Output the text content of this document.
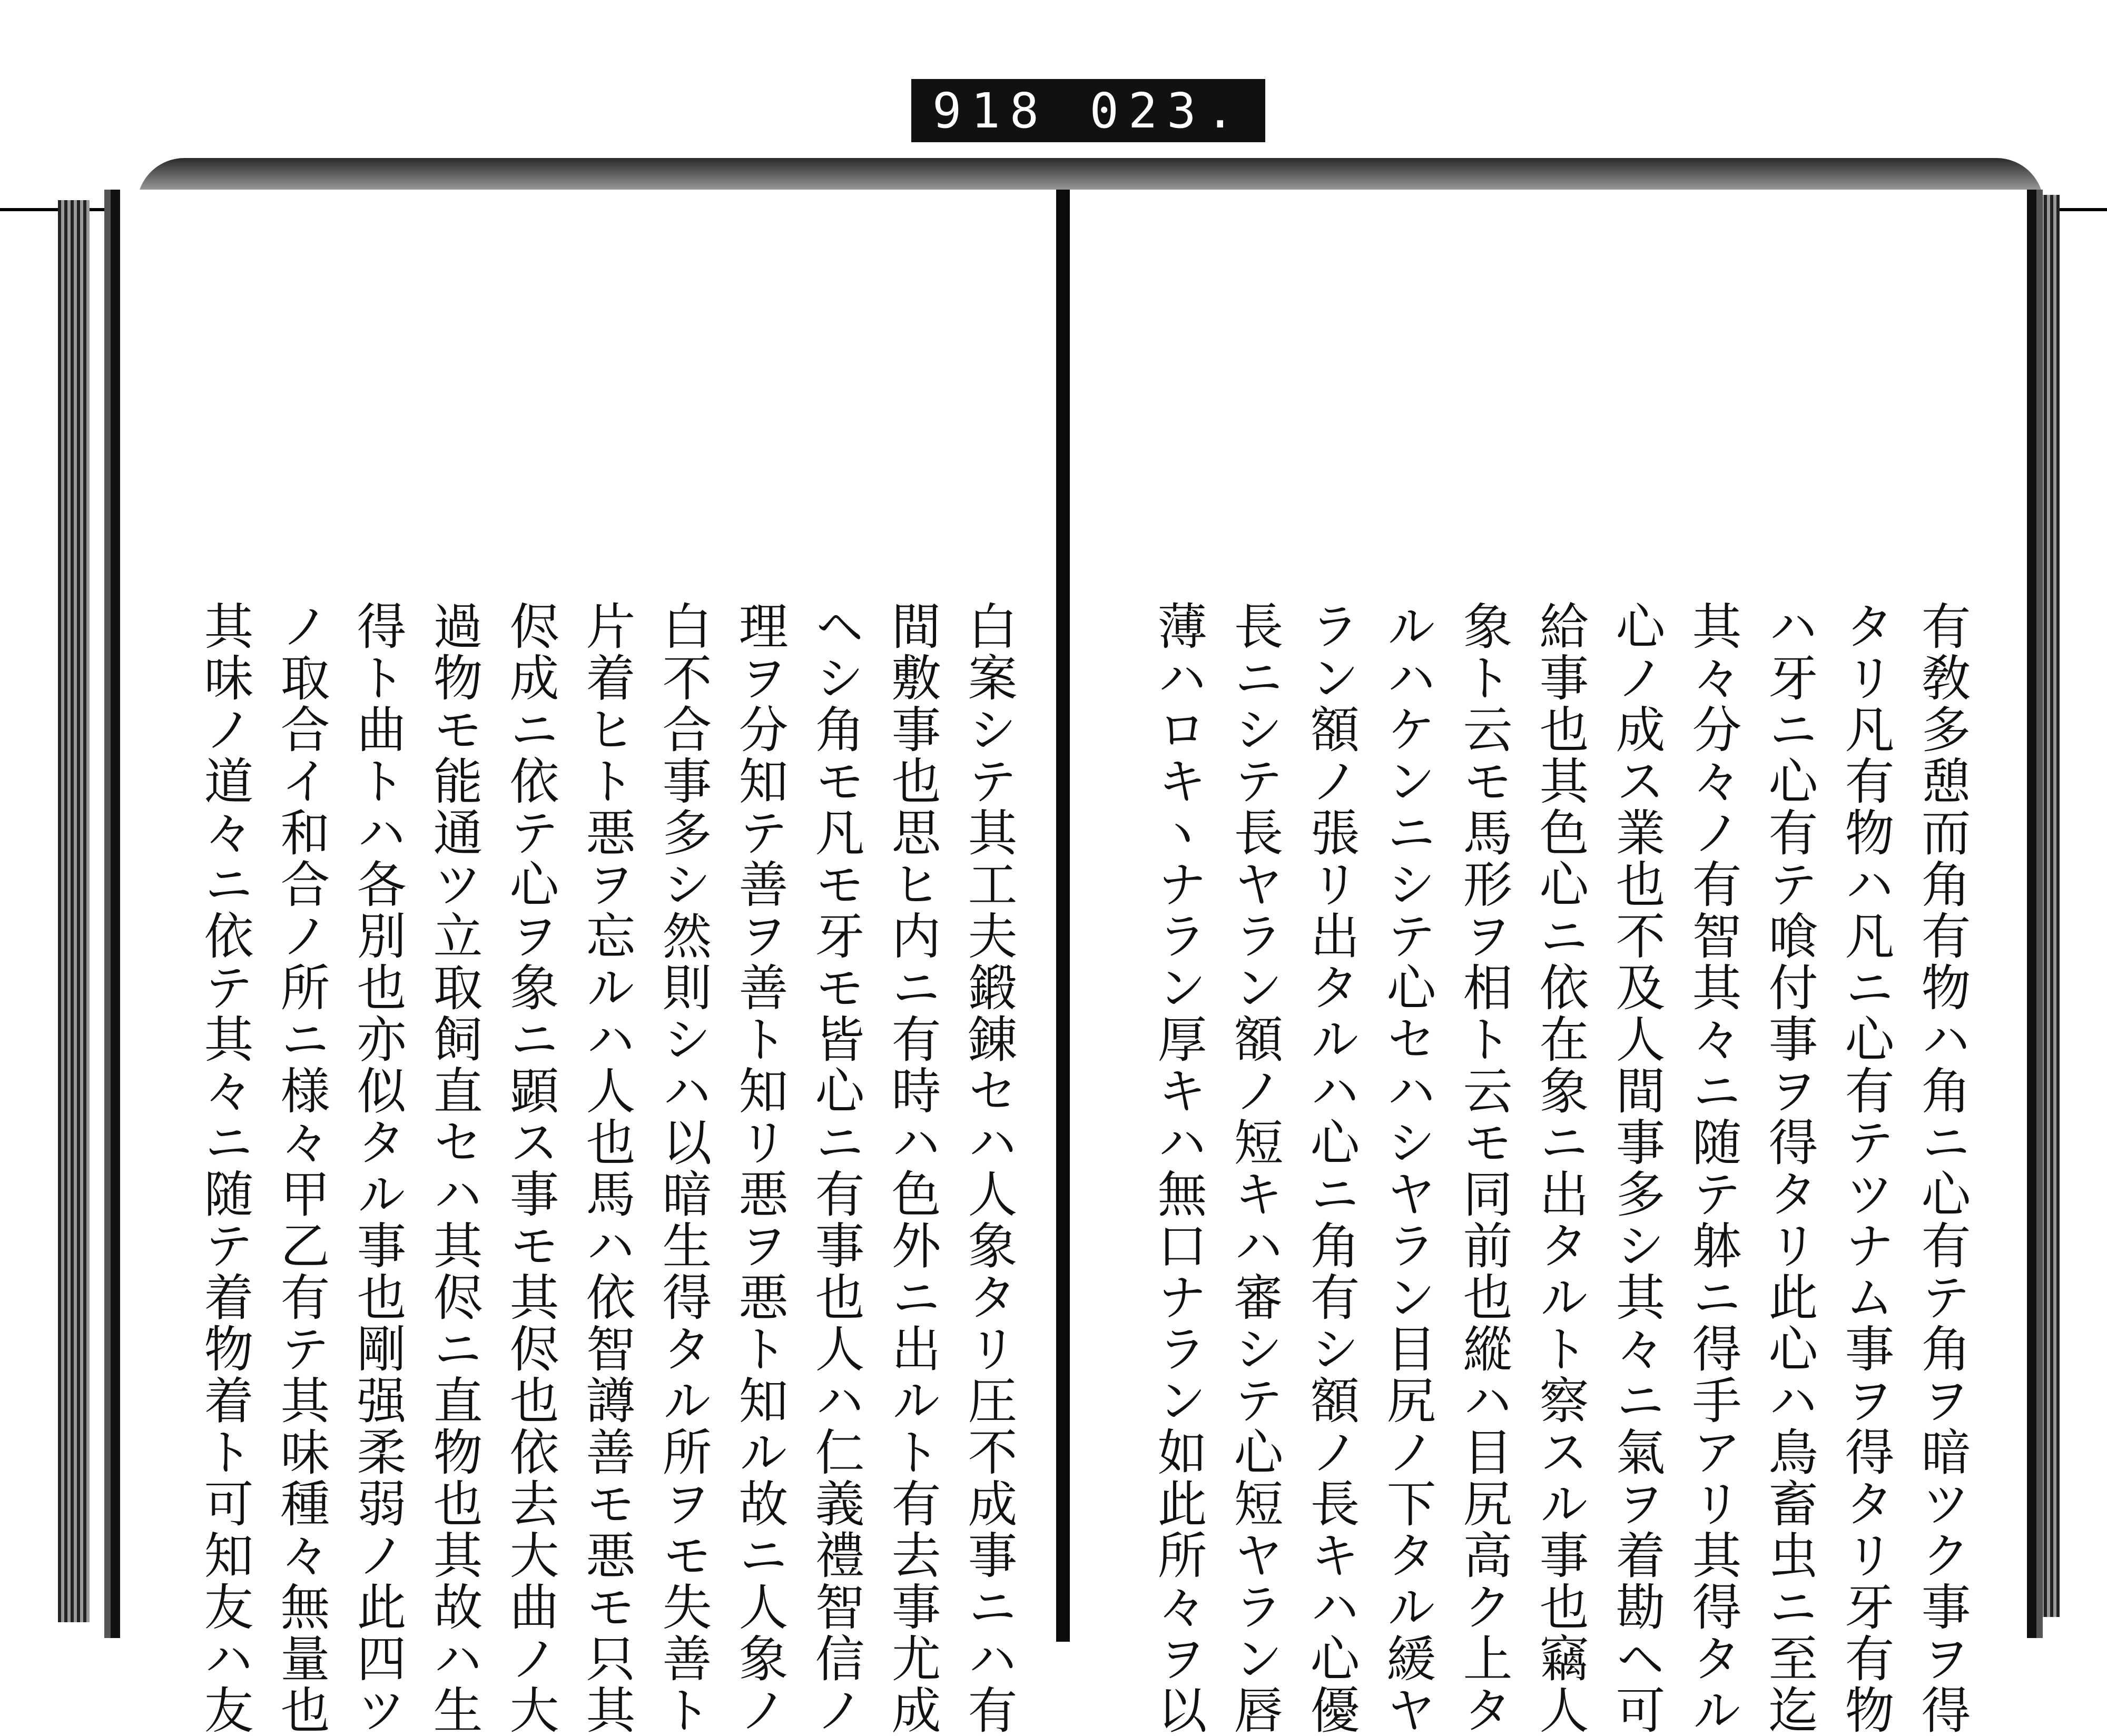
918 023.
白案シテ其工夫鍛錬セハ人象タリ圧不成事ニハ有
間敷事也思ヒ内ニ有時ハ色外ニ出ルト有去事尤成
ヘシ角モ凡モ牙モ皆心ニ有事也人ハ仁義禮智信ノ
理ヲ分知テ善ヲ善ト知リ悪ヲ悪ト知ル故ニ人象ノ
白不合事多シ然則シハ以暗生得タル所ヲモ失善ト
片着ヒト悪ヲ忘ルハ人也馬ハ依智譐善モ悪モ只其
侭成ニ依テ心ヲ象ニ顕ス事モ其侭也依去大曲ノ大
過物モ能通ツ立取飼直セハ其侭ニ直物也其故ハ生
得ト曲トハ各別也亦似タル事也剛强柔弱ノ此四ツ
ノ取合イ和合ノ所ニ様々甲乙有テ其味種々無量也
其味ノ道々ニ依テ其々ニ随テ着物着ト可知友ハ友	有敎多憩而角有物ハ角ニ心有テ角ヲ暗ツク事ヲ得
タリ凡有物ハ凡ニ心有テツナム事ヲ得タリ牙有物
ハ牙ニ心有テ喰付事ヲ得タリ此心ハ鳥畜虫ニ至迄
其々分々ノ有智其々ニ随テ躰ニ得手アリ其得タル
心ノ成ス業也不及人間事多シ其々ニ氣ヲ着勘ヘ可
給事也其色心ニ依在象ニ出タルト察スル事也竊人
象ト云モ馬形ヲ相ト云モ同前也縱ハ目尻高ク上タ
ルハケンニシテ心セハシヤラン目尻ノ下タル緩ヤ
ラン額ノ張リ出タルハ心ニ角有シ額ノ長キハ心優
長ニシテ長ヤラン額ノ短キハ審シテ心短ヤラン唇
薄ハロキヽナラン厚キハ無口ナラン如此所々ヲ以
